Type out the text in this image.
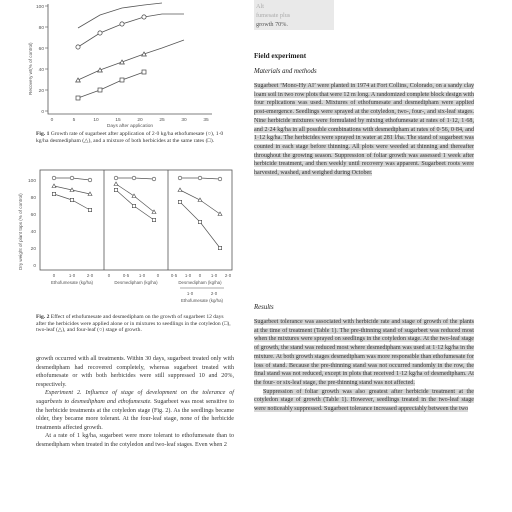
Alt
fumesate plus
growth 70%.
Recovery wt(% of control)
100
80
60
40
20
0
0	5	10	15	20	25	30	35
Days after application
Fig. 1 Growth rate of sugarbeet after application of 2·0 kg/ha ethofumesate (○), 1·0 kg/ha desmedipham (△), and a mixture of both herbicides at the same rates (□).
Dry weight of plant tops (% of control)
100
80
60
40
20
0
0	1·0	2·0	0	0·5 1·0	0	0·5 1·0 0 1·0 2·0
Ethofumesate (kg/ha)	Desmedipham (kg/ha)	Desmedipham (kg/ha)
1·0	2·0
Ethofumesate (kg/ha)
Fig. 2 Effect of ethofumesate and desmedipham on the growth of sugarbeet 12 days after the herbicides were applied alone or in mixtures to seedlings in the cotyledon (□), two-leaf (△), and four-leaf (○) stage of growth.

growth occurred with all treatments. Within 30 days, sugarbeet treated only with desmedipham had recovered completely, whereas sugarbeet treated with ethofumesate or with both herbicides were still suppressed 10 and 20%, respectively.

Experiment 2. Influence of stage of development on the tolerance of sugarbeets to desmedipham and ethofumesate. Sugarbeet was most sensitive to the herbicide treatments at the cotyledon stage (Fig. 2). As the seedlings became older, they became more tolerant. At the four-leaf stage, none of the herbicide treatments affected growth.

At a rate of 1 kg/ha, sugarbeet were more tolerant to ethofumesate than to desmedipham when treated in the cotyledon and two-leaf stages. Even when 2

Field experiment
Materials and methods

Sugarbeet ‘Mono-Hy AI’ were planted in 1974 at Fort Collins, Colorado, on a sandy clay loam soil in two row plots that were 12 m long. A randomized complete block design with four replications was used. Mixtures of ethofumesate and desmedipham were applied post-emergence. Seedlings were sprayed at the cotyledon, two-, four-, and six-leaf stages. Nine herbicide mixtures were formulated by mixing ethofumesate at rates of 1·12, 1·68, and 2·24 kg/ha in all possible combinations with desmedipham at rates of 0·56, 0·84, and 1·12 kg/ha. The herbicides were sprayed in water at 281 l/ha. The stand of sugarbeet was counted in each stage before thinning. All plots were weeded at thinning and thereafter throughout the growing season. Suppression of foliar growth was assessed 1 week after herbicide treatment, and then weekly until recovery was apparent. Sugarbeet roots were harvested, washed, and weighed during October.

Results

Sugarbeet tolerance was associated with herbicide rate and stage of growth of the plants at the time of treatment (Table 1). The pre-thinning stand of sugarbeet was reduced most when the mixtures were sprayed on seedlings in the cotyledon stage. At the two-leaf stage of growth, the stand was reduced most where desmedipham was used at 1·12 kg/ha in the mixture. At both growth stages desmedipham was more responsible than ethofumesate for loss of stand. Because the pre-thinning stand was not occurred randomly in the row, the final stand was not reduced, except in plots that received 1·12 kg/ha of desmedipham. At the four- or six-leaf stage, the pre-thinning stand was not affected.

Suppression of foliar growth was also greatest after herbicide treatment at the cotyledon stage of growth (Table 1). However, seedlings treated in the two-leaf stage were noticeably suppressed. Sugarbeet tolerance increased appreciably between the two
